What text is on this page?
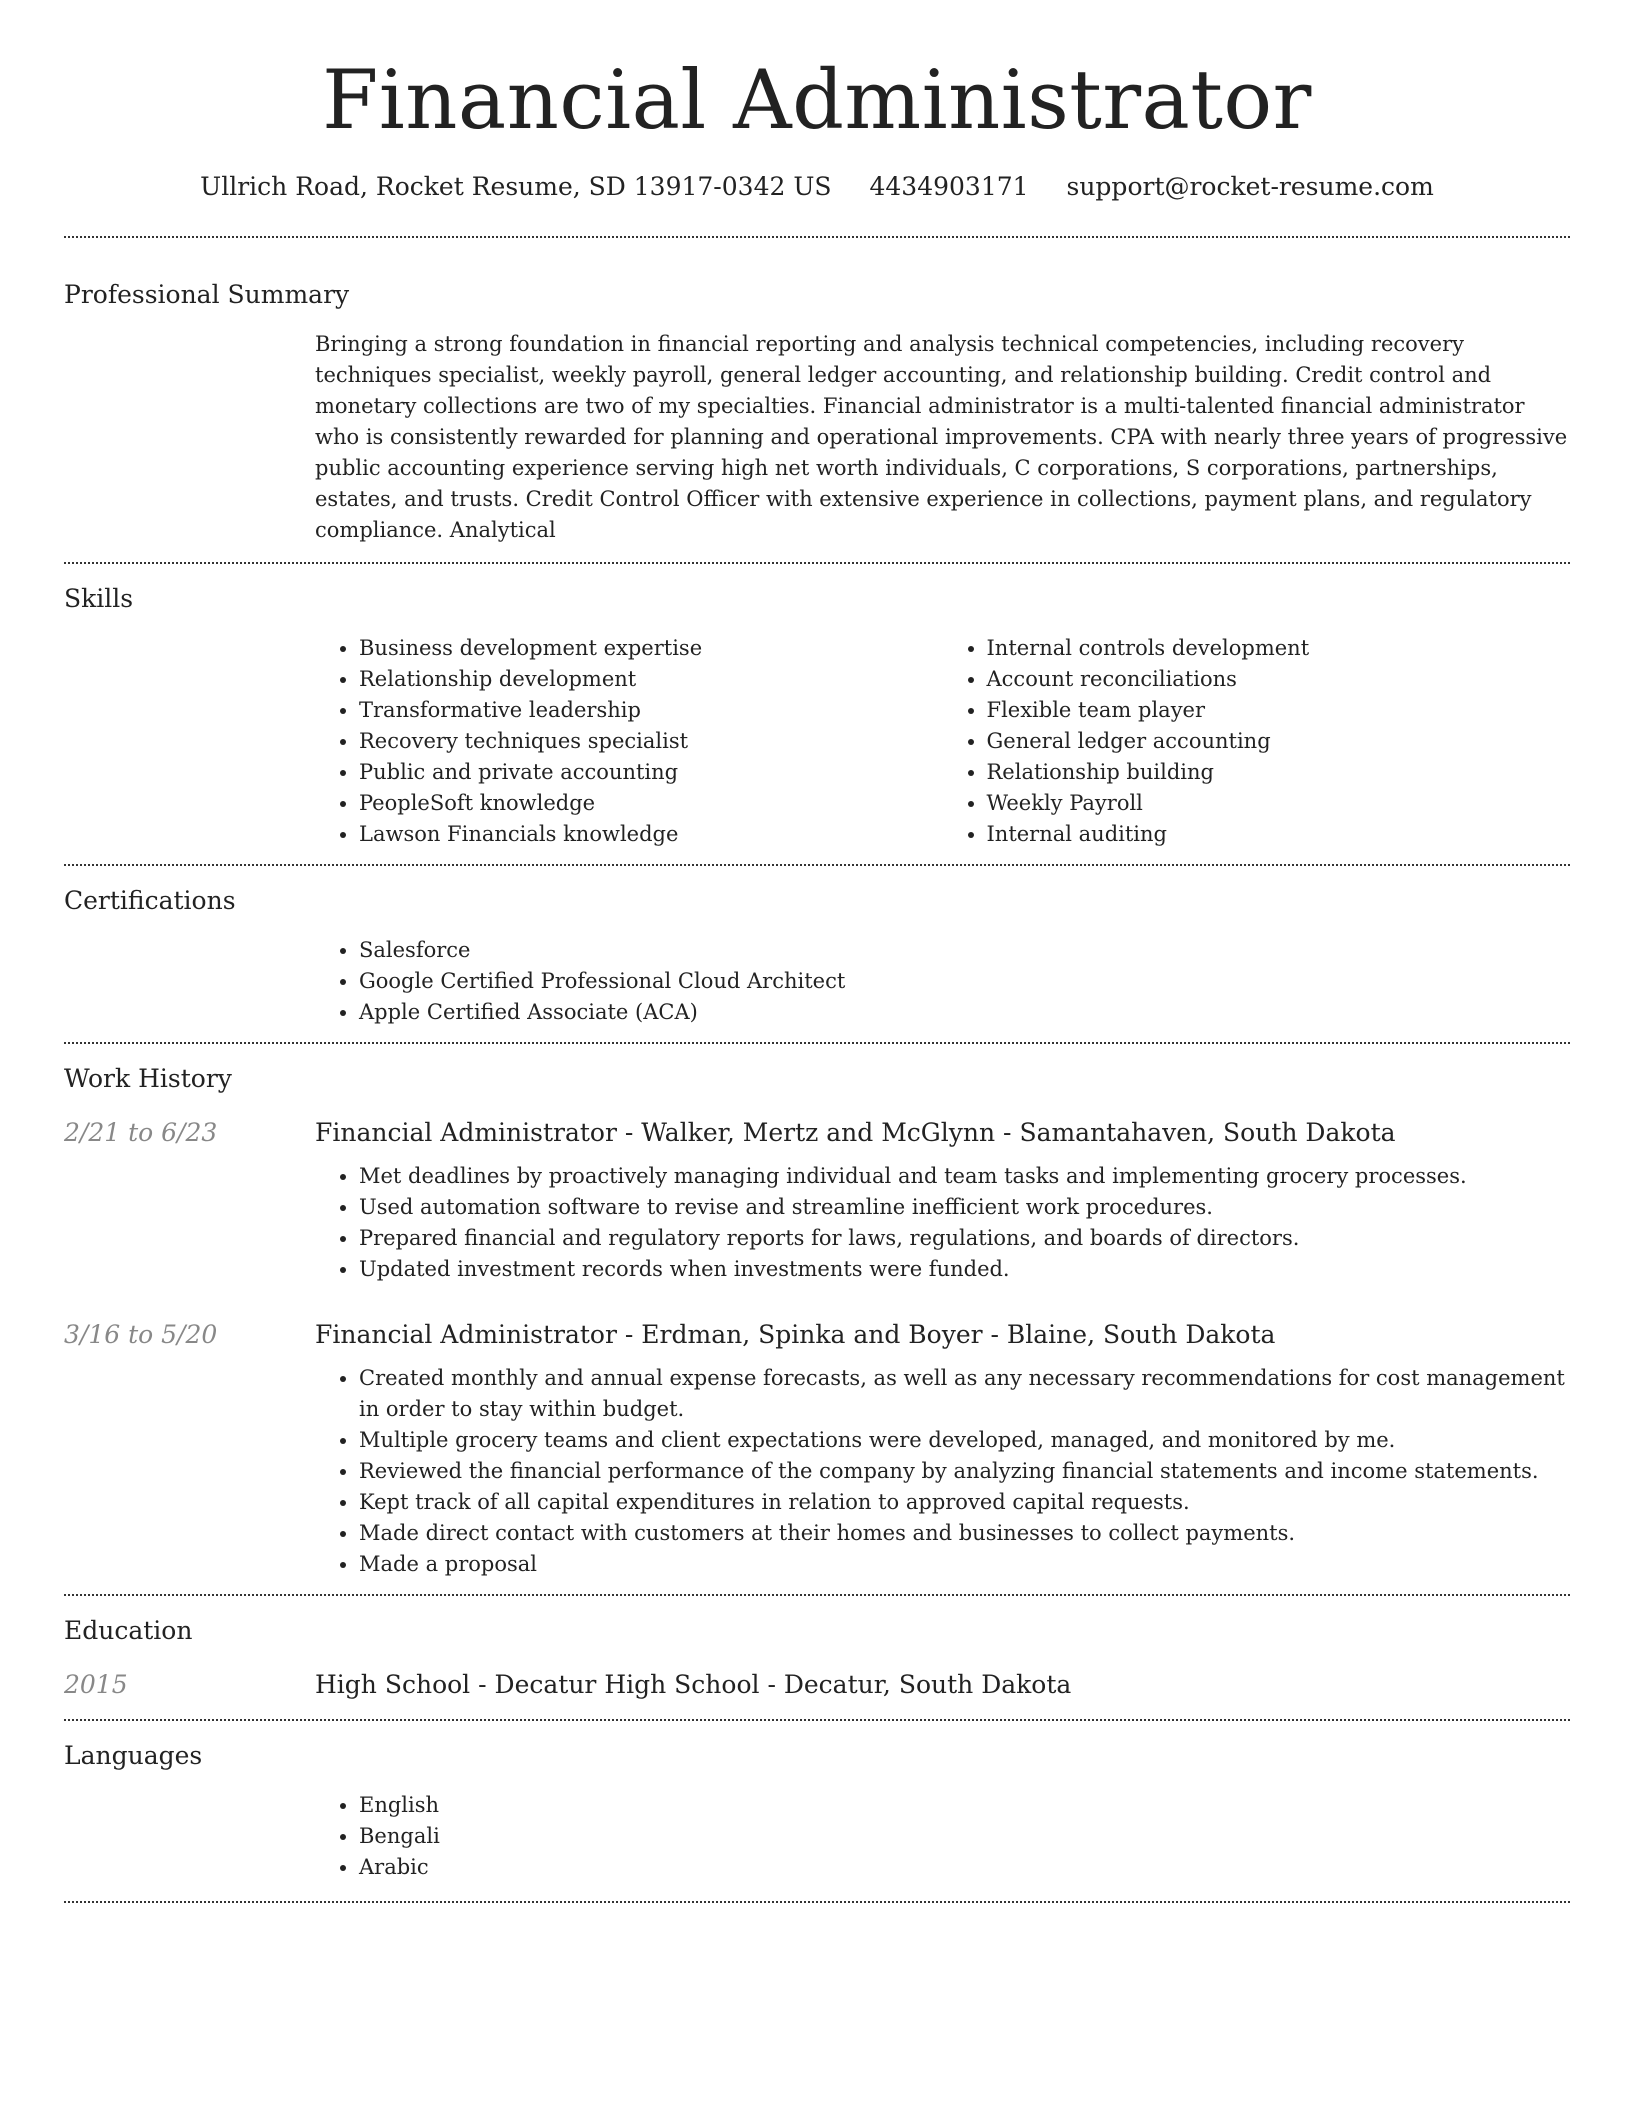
Financial Administrator
Ullrich Road, Rocket Resume, SD 13917-0342 US 4434903171 support@rocket-resume.com
Professional Summary
Bringing a strong foundation in financial reporting and analysis technical competencies, including recovery techniques specialist, weekly payroll, general ledger accounting, and relationship building. Credit control and monetary collections are two of my specialties. Financial administrator is a multi-talented financial administrator who is consistently rewarded for planning and operational improvements. CPA with nearly three years of progressive public accounting experience serving high net worth individuals, C corporations, S corporations, partnerships, estates, and trusts. Credit Control Officer with extensive experience in collections, payment plans, and regulatory compliance. Analytical
Skills
• Business development expertise
• Relationship development
• Transformative leadership
• Recovery techniques specialist
• Public and private accounting
• PeopleSoft knowledge
• Lawson Financials knowledge
• Internal controls development
• Account reconciliations
• Flexible team player
• General ledger accounting
• Relationship building
• Weekly Payroll
• Internal auditing
Certifications
• Salesforce
• Google Certified Professional Cloud Architect
• Apple Certified Associate (ACA)
Work History
2/21 to 6/23	Financial Administrator - Walker, Mertz and McGlynn - Samantahaven, South Dakota
• Met deadlines by proactively managing individual and team tasks and implementing grocery processes.
• Used automation software to revise and streamline inefficient work procedures.
• Prepared financial and regulatory reports for laws, regulations, and boards of directors.
• Updated investment records when investments were funded.
3/16 to 5/20	Financial Administrator - Erdman, Spinka and Boyer - Blaine, South Dakota
• Created monthly and annual expense forecasts, as well as any necessary recommendations for cost management in order to stay within budget.
• Multiple grocery teams and client expectations were developed, managed, and monitored by me.
• Reviewed the financial performance of the company by analyzing financial statements and income statements.
• Kept track of all capital expenditures in relation to approved capital requests.
• Made direct contact with customers at their homes and businesses to collect payments.
• Made a proposal
Education
2015	High School - Decatur High School - Decatur, South Dakota
Languages
• English
• Bengali
• Arabic
